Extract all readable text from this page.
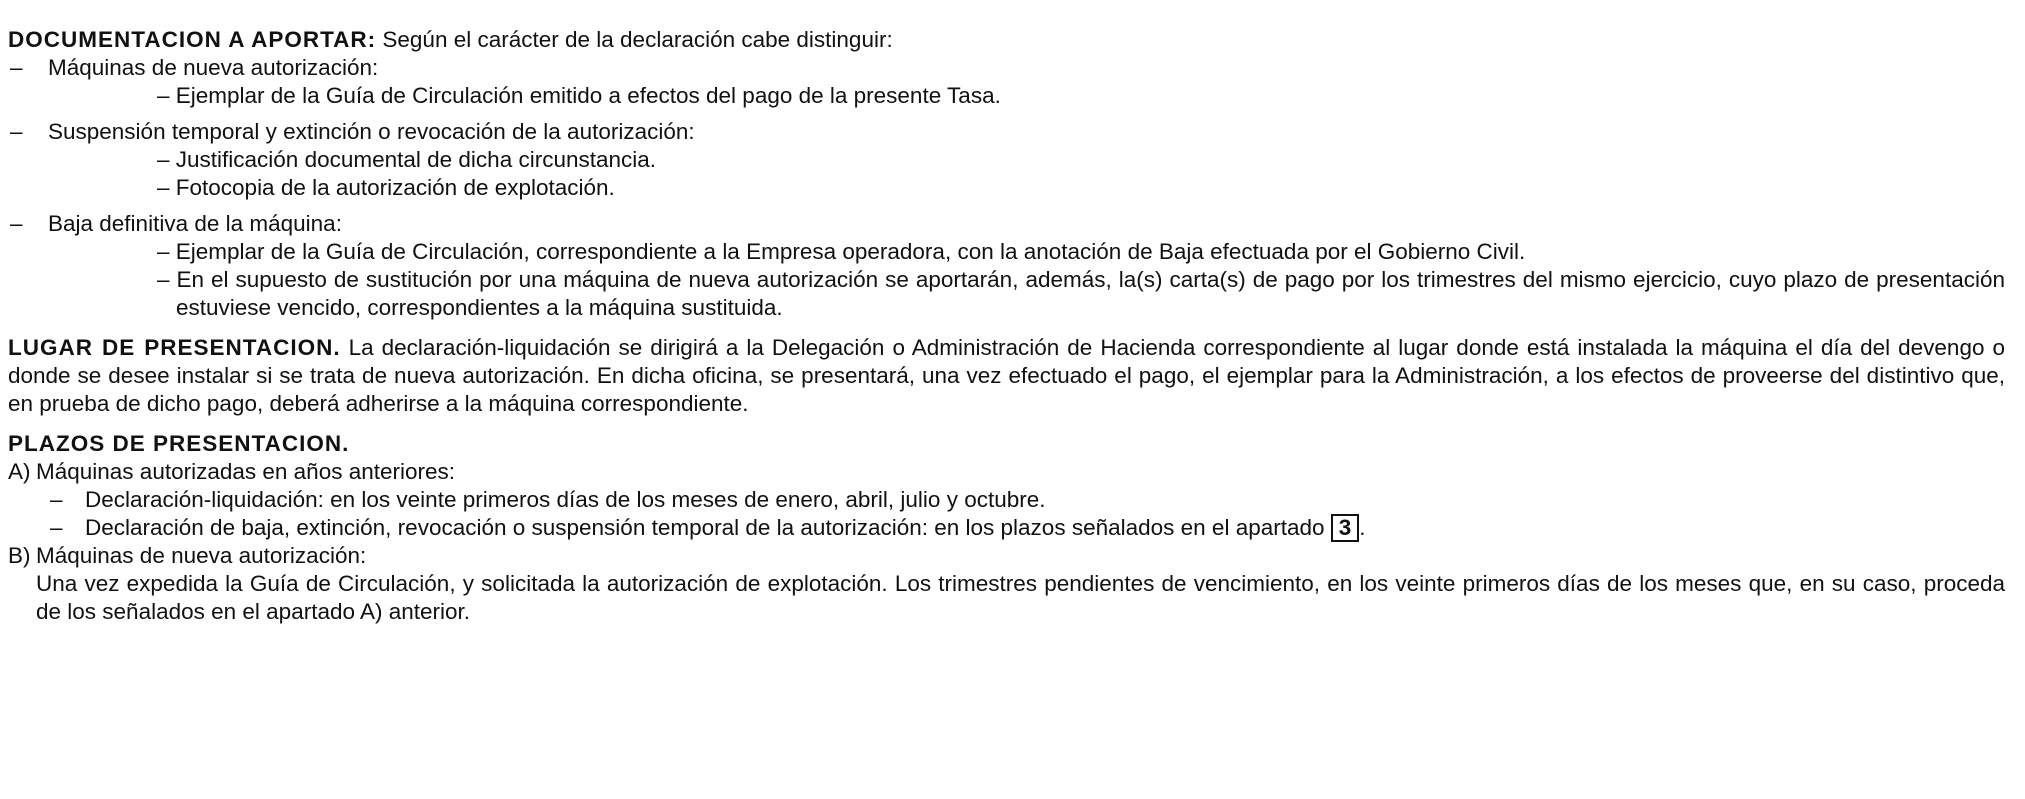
DOCUMENTACION A APORTAR: Según el carácter de la declaración cabe distinguir:

– Máquinas de nueva autorización:
– Ejemplar de la Guía de Circulación emitido a efectos del pago de la presente Tasa.
– Suspensión temporal y extinción o revocación de la autorización:
– Justificación documental de dicha circunstancia.
– Fotocopia de la autorización de explotación.
– Baja definitiva de la máquina:
– Ejemplar de la Guía de Circulación, correspondiente a la Empresa operadora, con la anotación de Baja efectuada por el Gobierno Civil.
– En el supuesto de sustitución por una máquina de nueva autorización se aportarán, además, la(s) carta(s) de pago por los trimestres del mismo ejercicio, cuyo plazo de presentación estuviese vencido, correspondientes a la máquina sustituida.

LUGAR DE PRESENTACION. La declaración-liquidación se dirigirá a la Delegación o Administración de Hacienda correspondiente al lugar donde está instalada la máquina el día del devengo o donde se desee instalar si se trata de nueva autorización. En dicha oficina, se presentará, una vez efectuado el pago, el ejemplar para la Administración, a los efectos de proveerse del distintivo que, en prueba de dicho pago, deberá adherirse a la máquina correspondiente.

PLAZOS DE PRESENTACION.

A) Máquinas autorizadas en años anteriores:
– Declaración-liquidación: en los veinte primeros días de los meses de enero, abril, julio y octubre.
– Declaración de baja, extinción, revocación o suspensión temporal de la autorización: en los plazos señalados en el apartado 3 .
B) Máquinas de nueva autorización:
Una vez expedida la Guía de Circulación, y solicitada la autorización de explotación. Los trimestres pendientes de vencimiento, en los veinte primeros días de los meses que, en su caso, proceda de los señalados en el apartado A) anterior.
